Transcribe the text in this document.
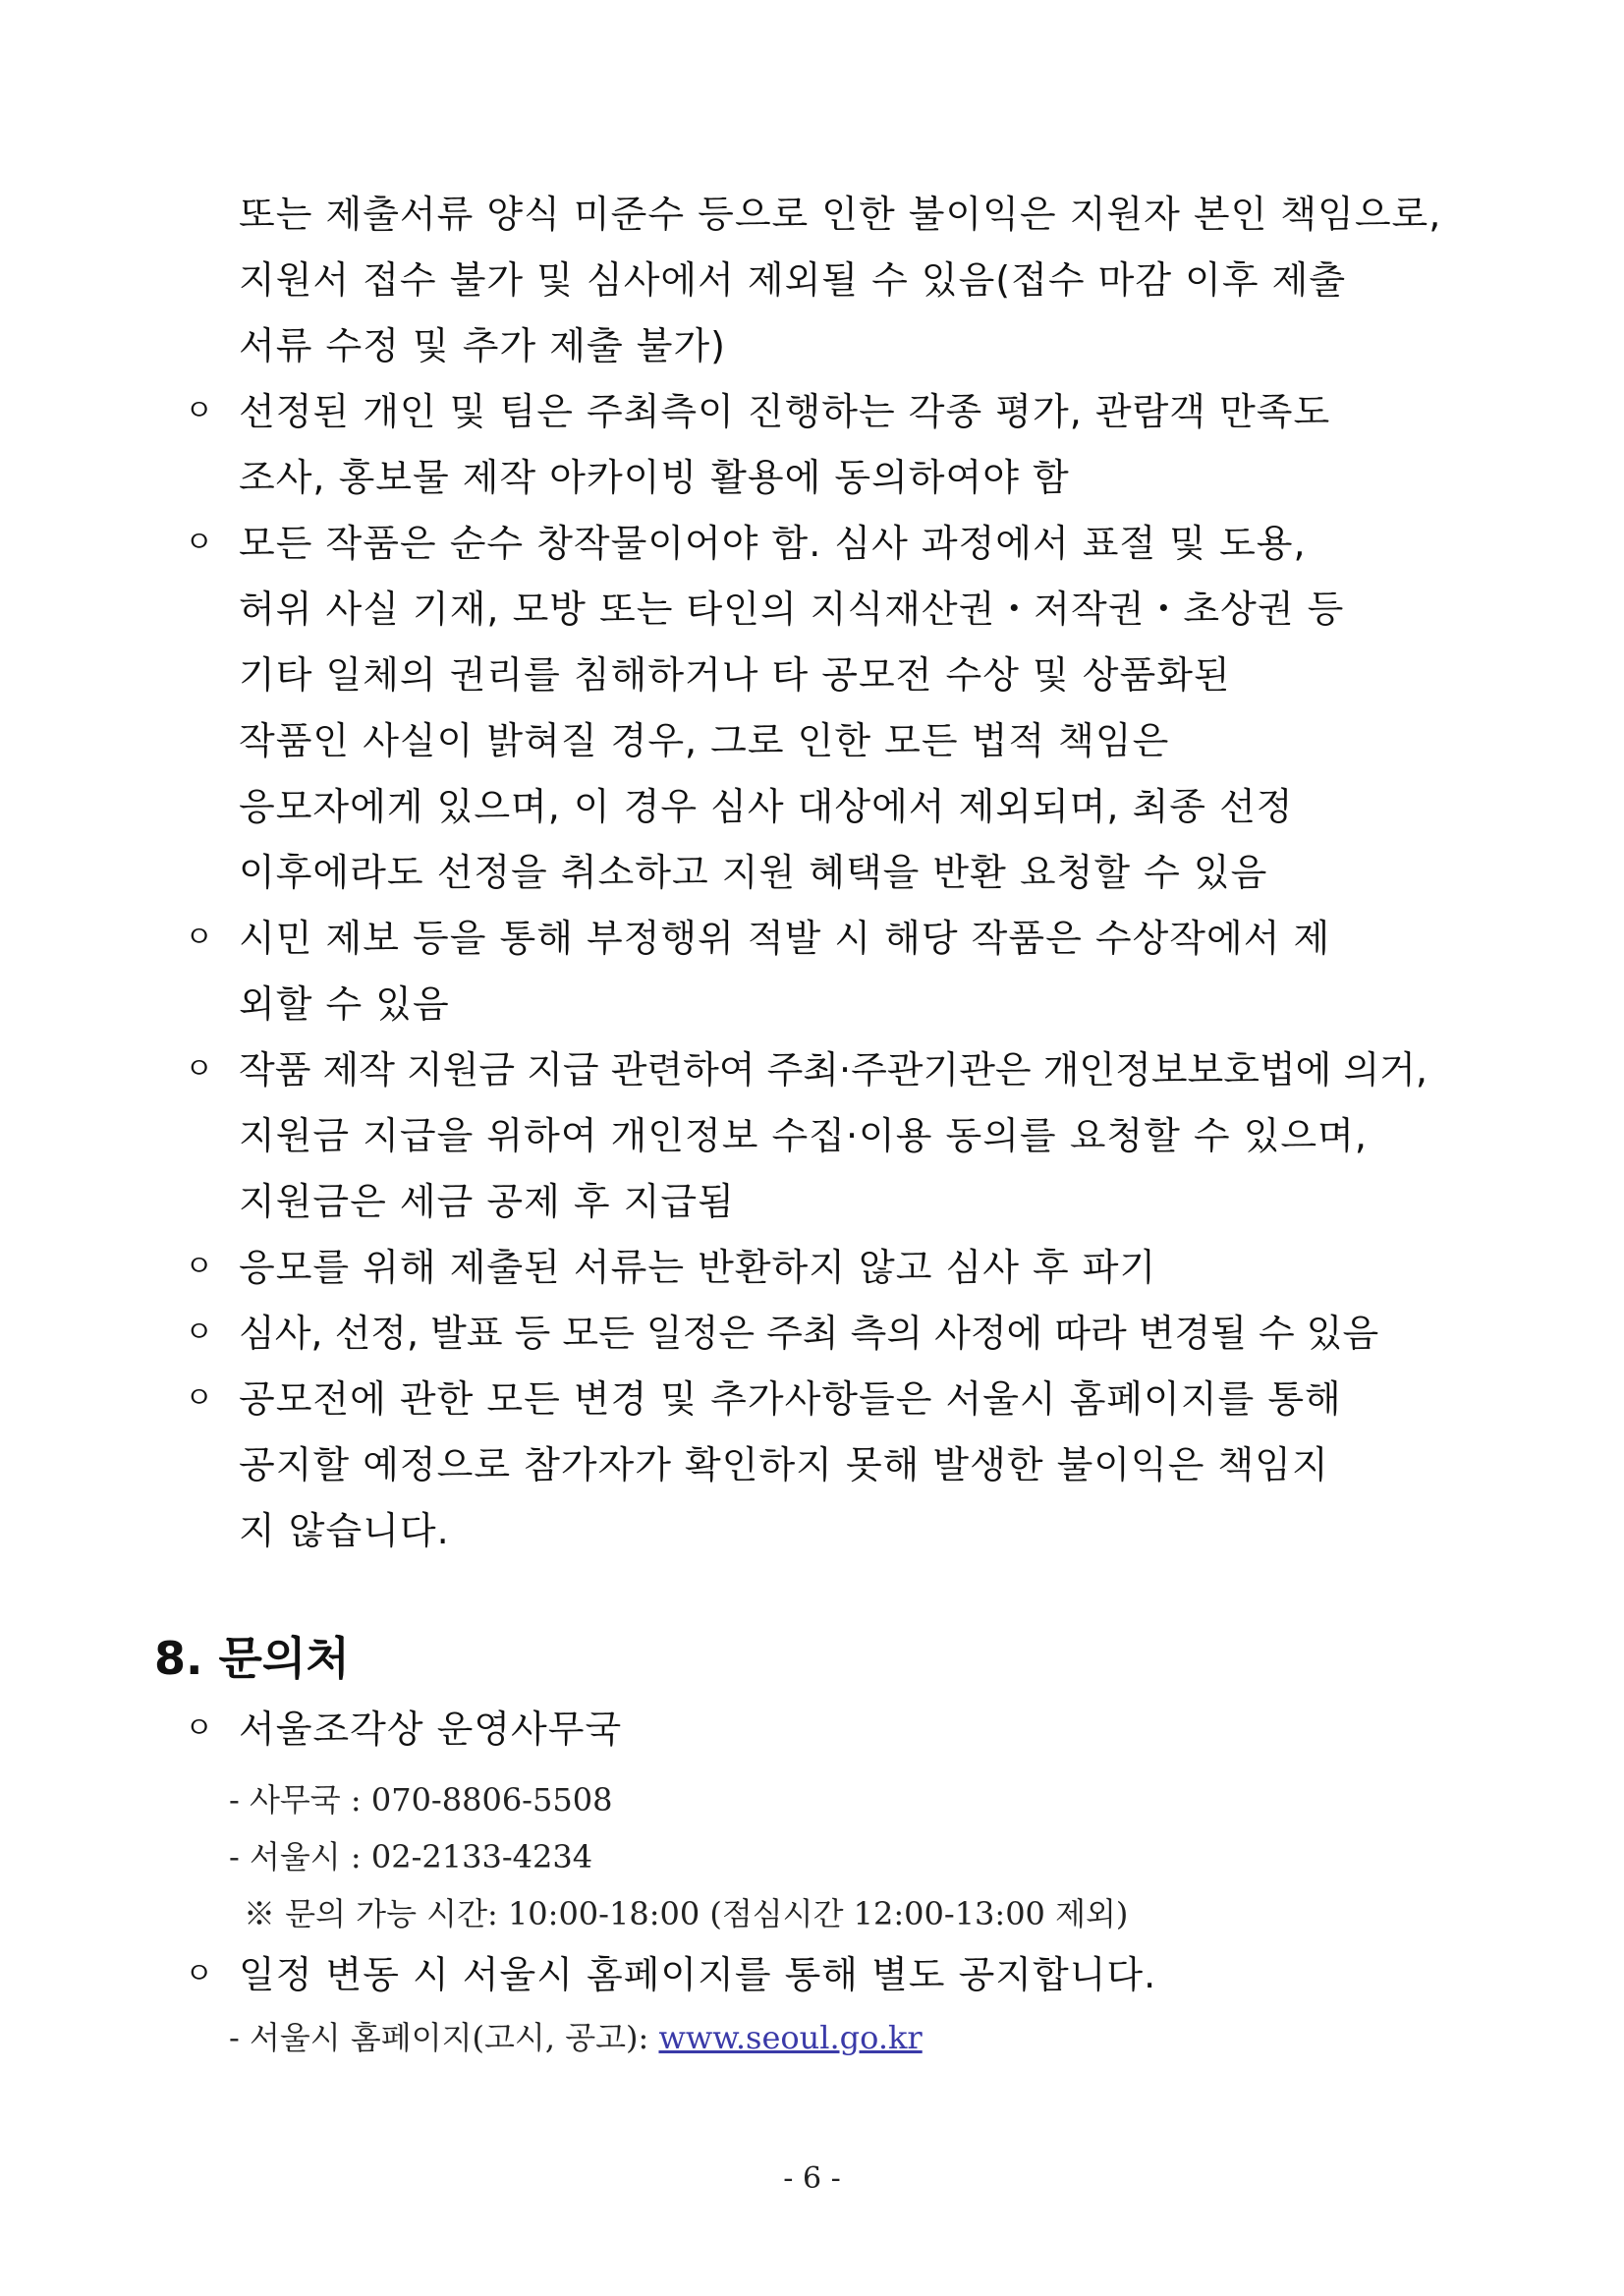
또는 제출서류 양식 미준수 등으로 인한 불이익은 지원자 본인 책임으로,
지원서 접수 불가 및 심사에서 제외될 수 있음(접수 마감 이후 제출
서류 수정 및 추가 제출 불가)
ㅇ 선정된 개인 및 팀은 주최측이 진행하는 각종 평가, 관람객 만족도
조사, 홍보물 제작 아카이빙 활용에 동의하여야 함
ㅇ 모든 작품은 순수 창작물이어야 함. 심사 과정에서 표절 및 도용,
허위 사실 기재, 모방 또는 타인의 지식재산권・저작권・초상권 등
기타 일체의 권리를 침해하거나 타 공모전 수상 및 상품화된
작품인 사실이 밝혀질 경우, 그로 인한 모든 법적 책임은
응모자에게 있으며, 이 경우 심사 대상에서 제외되며, 최종 선정
이후에라도 선정을 취소하고 지원 혜택을 반환 요청할 수 있음
ㅇ 시민 제보 등을 통해 부정행위 적발 시 해당 작품은 수상작에서 제
외할 수 있음
ㅇ 작품 제작 지원금 지급 관련하여 주최·주관기관은 개인정보보호법에 의거,
지원금 지급을 위하여 개인정보 수집·이용 동의를 요청할 수 있으며,
지원금은 세금 공제 후 지급됨
ㅇ 응모를 위해 제출된 서류는 반환하지 않고 심사 후 파기
ㅇ 심사, 선정, 발표 등 모든 일정은 주최 측의 사정에 따라 변경될 수 있음
ㅇ 공모전에 관한 모든 변경 및 추가사항들은 서울시 홈페이지를 통해
공지할 예정으로 참가자가 확인하지 못해 발생한 불이익은 책임지
지 않습니다.
8. 문의처
ㅇ 서울조각상 운영사무국
- 사무국 : 070-8806-5508
- 서울시 : 02-2133-4234
※ 문의 가능 시간: 10:00-18:00 (점심시간 12:00-13:00 제외)
ㅇ 일정 변동 시 서울시 홈페이지를 통해 별도 공지합니다.
- 서울시 홈페이지(고시, 공고): www.seoul.go.kr
- 6 -
